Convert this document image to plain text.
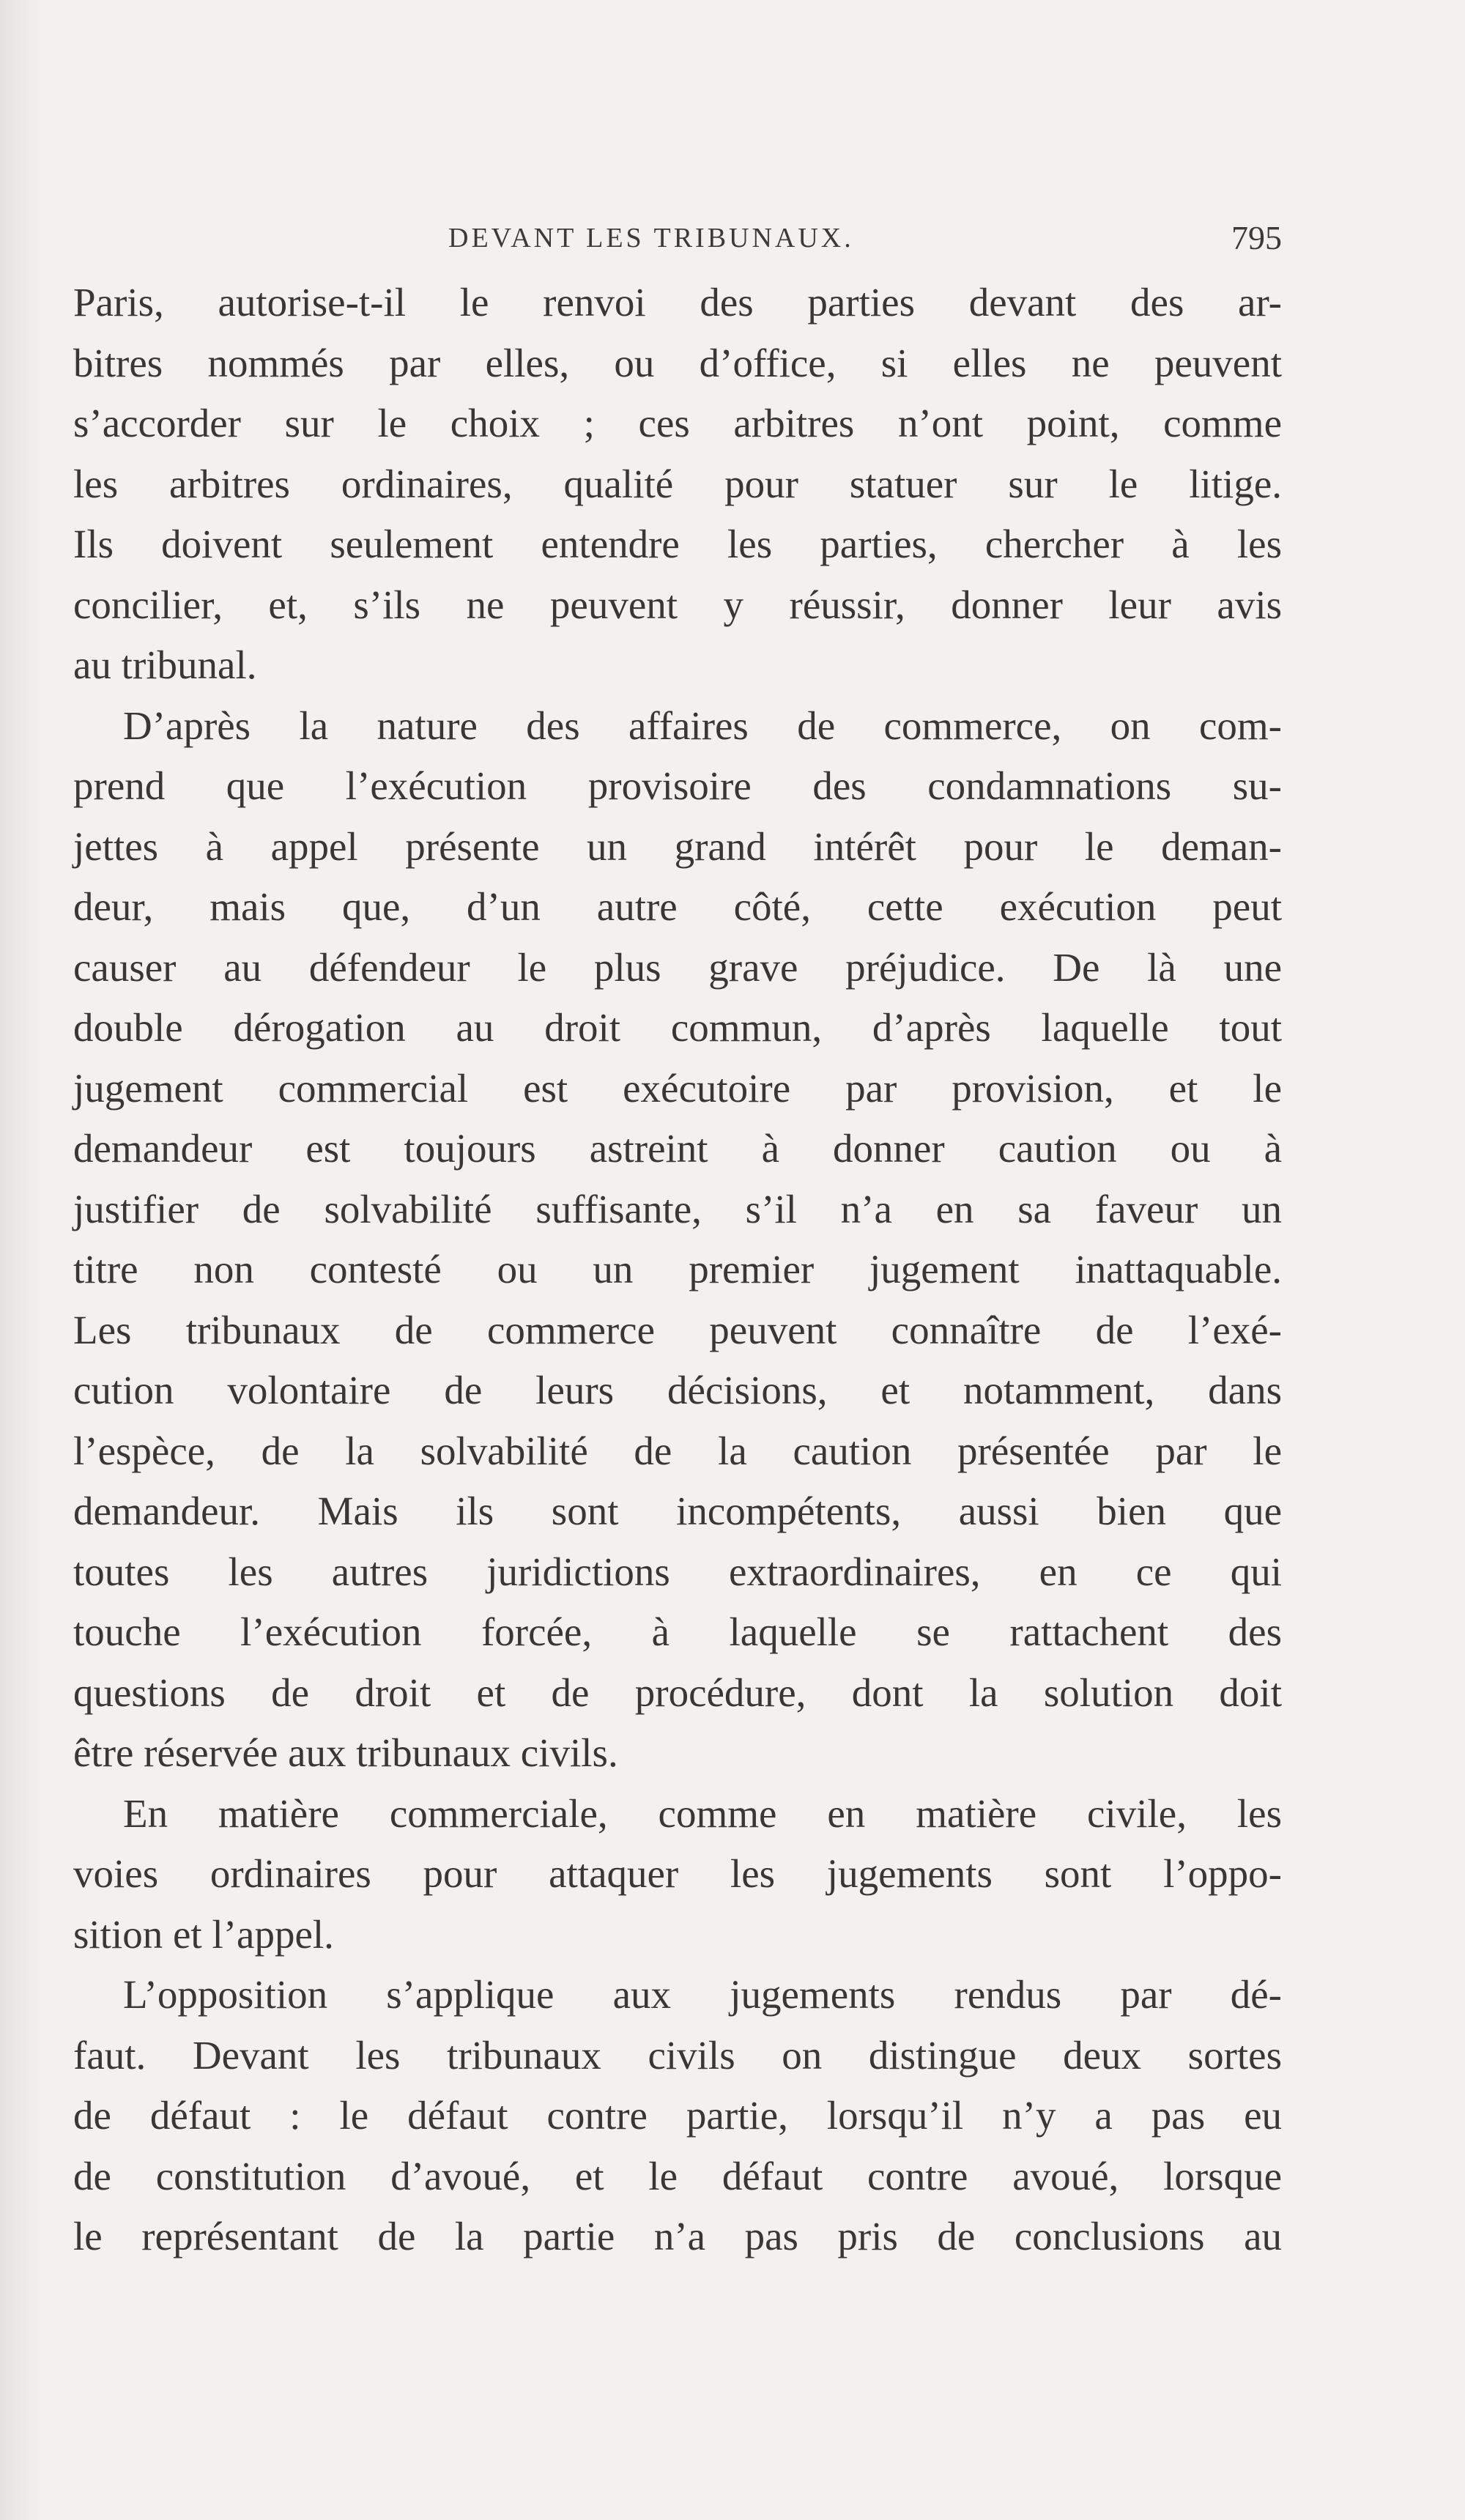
DEVANT LES TRIBUNAUX.	795
Paris, autorise-t-il le renvoi des parties devant des ar-
bitres nommés par elles, ou d’office, si elles ne peuvent
s’accorder sur le choix ; ces arbitres n’ont point, comme
les arbitres ordinaires, qualité pour statuer sur le litige.
Ils doivent seulement entendre les parties, chercher à les
concilier, et, s’ils ne peuvent y réussir, donner leur avis
au tribunal.
D’après la nature des affaires de commerce, on com-
prend que l’exécution provisoire des condamnations su-
jettes à appel présente un grand intérêt pour le deman-
deur, mais que, d’un autre côté, cette exécution peut
causer au défendeur le plus grave préjudice. De là une
double dérogation au droit commun, d’après laquelle tout
jugement commercial est exécutoire par provision, et le
demandeur est toujours astreint à donner caution ou à
justifier de solvabilité suffisante, s’il n’a en sa faveur un
titre non contesté ou un premier jugement inattaquable.
Les tribunaux de commerce peuvent connaître de l’exé-
cution volontaire de leurs décisions, et notamment, dans
l’espèce, de la solvabilité de la caution présentée par le
demandeur. Mais ils sont incompétents, aussi bien que
toutes les autres juridictions extraordinaires, en ce qui
touche l’exécution forcée, à laquelle se rattachent des
questions de droit et de procédure, dont la solution doit
être réservée aux tribunaux civils.
En matière commerciale, comme en matière civile, les
voies ordinaires pour attaquer les jugements sont l’oppo-
sition et l’appel.
L’opposition s’applique aux jugements rendus par dé-
faut. Devant les tribunaux civils on distingue deux sortes
de défaut : le défaut contre partie, lorsqu’il n’y a pas eu
de constitution d’avoué, et le défaut contre avoué, lorsque
le représentant de la partie n’a pas pris de conclusions au
